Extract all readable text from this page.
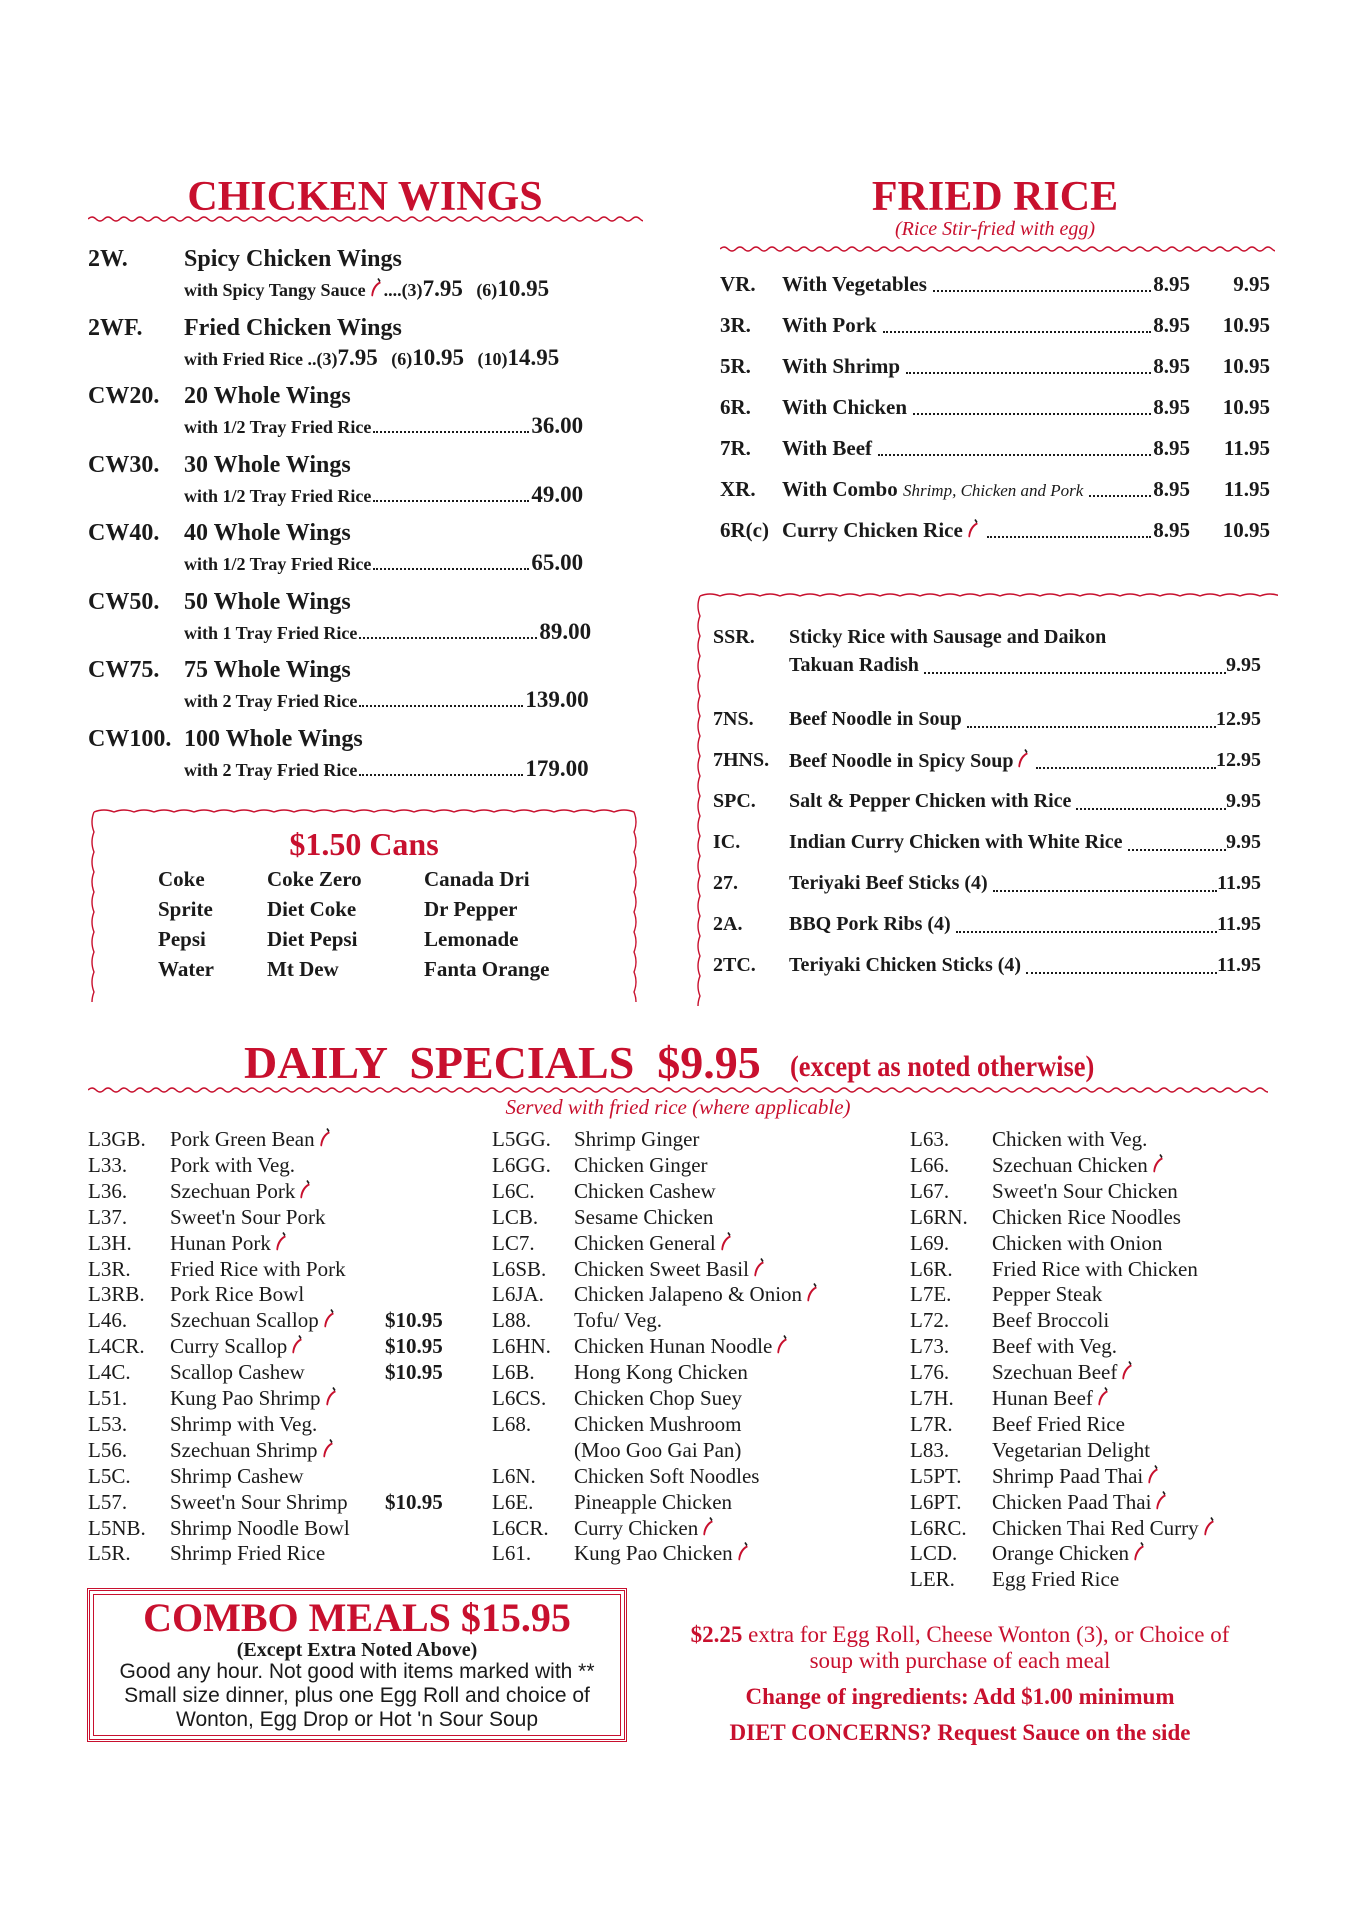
CHICKEN WINGS
2W. Spicy Chicken Wings
with Spicy Tangy Sauce ....(3)7.95 (6)10.95
2WF. Fried Chicken Wings
with Fried Rice ..(3)7.95 (6)10.95 (10)14.95
CW20. 20 Whole Wings
with 1/2 Tray Fried Rice	36.00
CW30. 30 Whole Wings
with 1/2 Tray Fried Rice	49.00
CW40. 40 Whole Wings
with 1/2 Tray Fried Rice	65.00
CW50. 50 Whole Wings
with 1 Tray Fried Rice	89.00
CW75. 75 Whole Wings
with 2 Tray Fried Rice	139.00
CW100. 100 Whole Wings
with 2 Tray Fried Rice	179.00
$1.50 Cans
Coke
Sprite
Pepsi
Water
Coke Zero
Diet Coke
Diet Pepsi
Mt Dew
Canada Dri
Dr Pepper
Lemonade
Fanta Orange
FRIED RICE
(Rice Stir-fried with egg)
VR. With Vegetables	8.95 9.95
3R. With Pork	8.95 10.95
5R. With Shrimp	8.95 10.95
6R. With Chicken	8.95 10.95
7R. With Beef	8.95 11.95
XR. With Combo Shrimp, Chicken and Pork	8.95 11.95
6R(c) Curry Chicken Rice	8.95 10.95
SSR. Sticky Rice with Sausage and Daikon
Takuan Radish	9.95
7NS. Beef Noodle in Soup	12.95
7HNS. Beef Noodle in Spicy Soup	12.95
SPC. Salt & Pepper Chicken with Rice	9.95
IC. Indian Curry Chicken with White Rice	9.95
27.	Teriyaki Beef Sticks (4)	11.95
2A. BBQ Pork Ribs (4)	11.95
2TC. Teriyaki Chicken Sticks (4)	11.95
DAILY  SPECIALS  $9.95 (except as noted otherwise)
Served with fried rice (where applicable)
L3GB. Pork Green Bean
L33. Pork with Veg.
L36. Szechuan Pork
L37. Sweet'n Sour Pork
L3H. Hunan Pork
L3R. Fried Rice with Pork
L3RB. Pork Rice Bowl
L46. Szechuan Scallop	$10.95
L4CR. Curry Scallop	$10.95
L4C. Scallop Cashew	$10.95
L51. Kung Pao Shrimp
L53. Shrimp with Veg.
L56. Szechuan Shrimp
L5C. Shrimp Cashew
L57. Sweet'n Sour Shrimp $10.95
L5NB. Shrimp Noodle Bowl
L5R. Shrimp Fried Rice
L5GG. Shrimp Ginger
L6GG. Chicken Ginger
L6C. Chicken Cashew
LCB. Sesame Chicken
LC7. Chicken General
L6SB. Chicken Sweet Basil
L6JA. Chicken Jalapeno & Onion
L88. Tofu/ Veg.
L6HN. Chicken Hunan Noodle
L6B. Hong Kong Chicken
L6CS. Chicken Chop Suey
L68. Chicken Mushroom
(Moo Goo Gai Pan)
L6N. Chicken Soft Noodles
L6E. Pineapple Chicken
L6CR. Curry Chicken
L61. Kung Pao Chicken
L63. Chicken with Veg.
L66. Szechuan Chicken
L67. Sweet'n Sour Chicken
L6RN. Chicken Rice Noodles
L69. Chicken with Onion
L6R. Fried Rice with Chicken
L7E. Pepper Steak
L72. Beef Broccoli
L73. Beef with Veg.
L76. Szechuan Beef
L7H. Hunan Beef
L7R. Beef Fried Rice
L83. Vegetarian Delight
L5PT. Shrimp Paad Thai
L6PT. Chicken Paad Thai
L6RC. Chicken Thai Red Curry
LCD. Orange Chicken
LER. Egg Fried Rice
COMBO MEALS $15.95
(Except Extra Noted Above)
Good any hour. Not good with items marked with **
Small size dinner, plus one Egg Roll and choice of
Wonton, Egg Drop or Hot 'n Sour Soup
$2.25 extra for Egg Roll, Cheese Wonton (3), or Choice of
soup with purchase of each meal
Change of ingredients: Add $1.00 minimum
DIET CONCERNS? Request Sauce on the side
